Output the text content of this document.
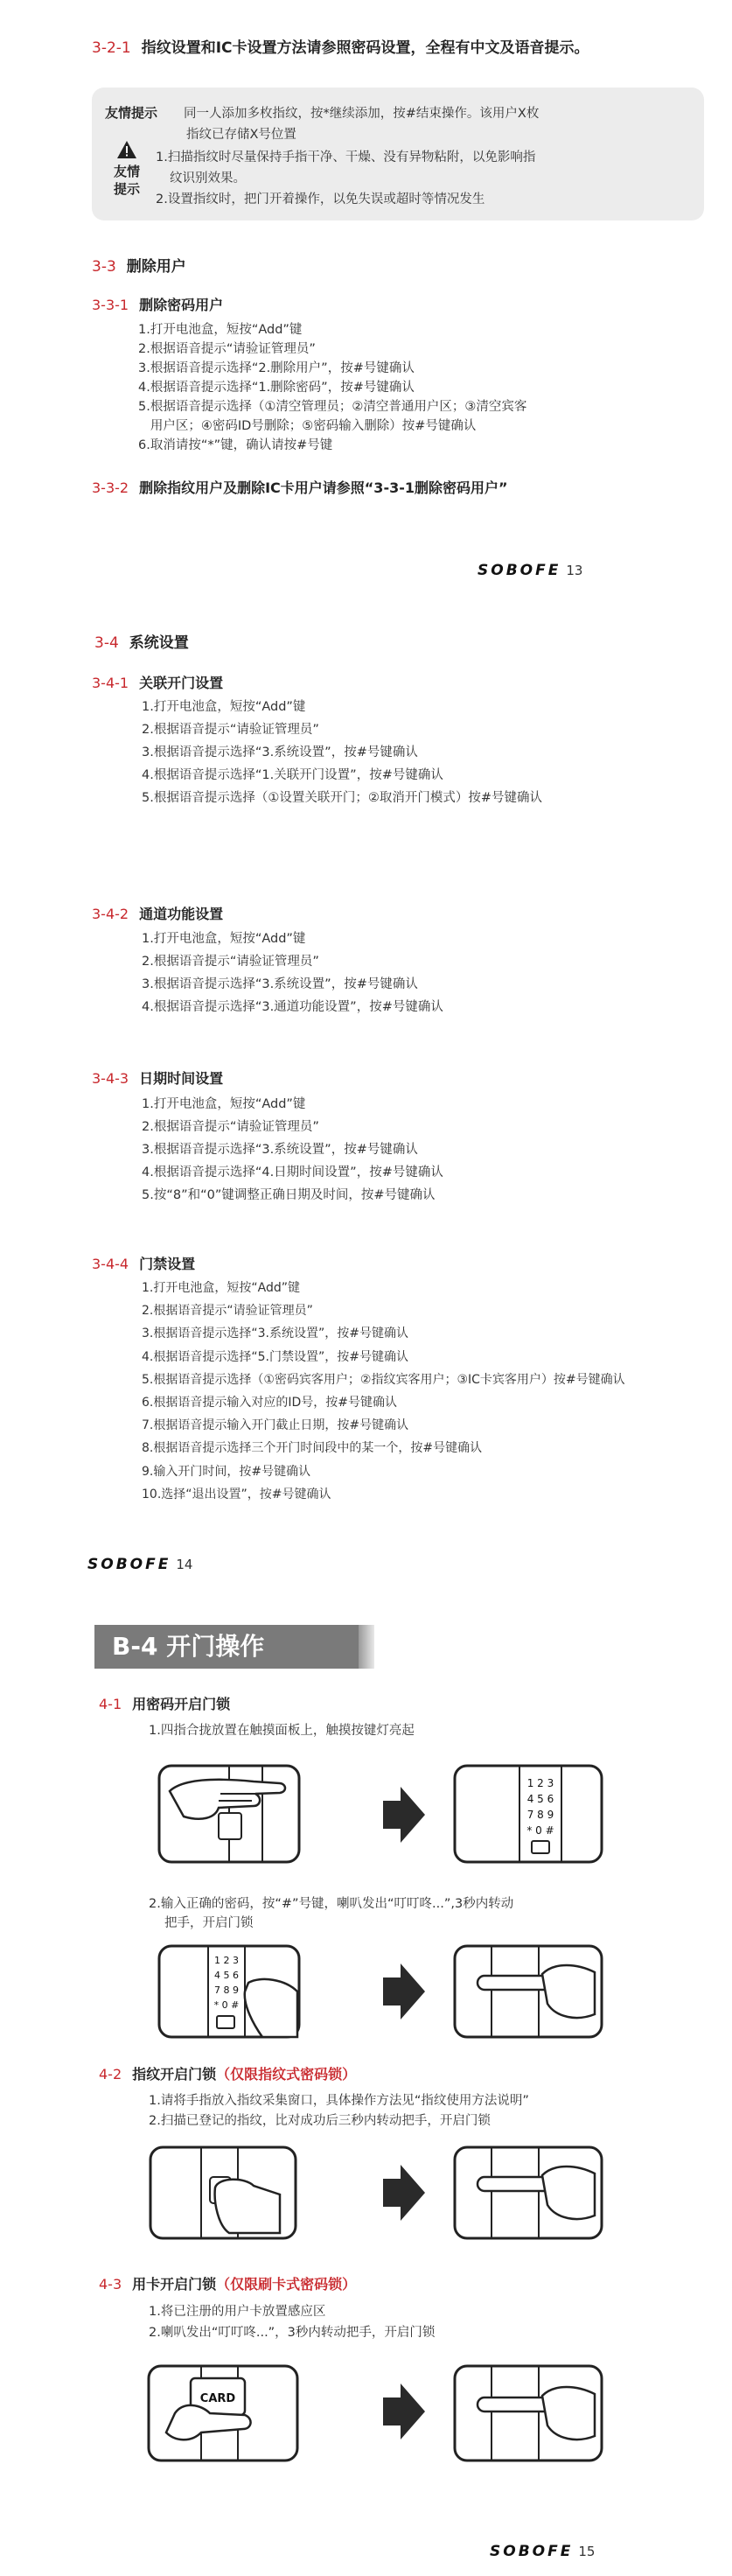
3-2-1 指纹设置和IC卡设置方法请参照密码设置，全程有中文及语音提示。
友情提示
友情
提示
同一人添加多枚指纹，按*继续添加，按#结束操作。该用户X枚
指纹已存储X号位置
1.扫描指纹时尽量保持手指干净、干燥、没有异物粘附，以免影响指
纹识别效果。
2.设置指纹时，把门开着操作，以免失误或超时等情况发生
3-3 删除用户
3-3-1 删除密码用户
1.打开电池盒，短按“Add”键
2.根据语音提示“请验证管理员”
3.根据语音提示选择“2.删除用户”，按#号键确认
4.根据语音提示选择“1.删除密码”，按#号键确认
5.根据语音提示选择（①清空管理员；②清空普通用户区；③清空宾客
用户区；④密码ID号删除；⑤密码输入删除）按#号键确认
6.取消请按“*”键，确认请按#号键
3-3-2 删除指纹用户及删除IC卡用户请参照“3-3-1删除密码用户”
SOBOFE 13
3-4 系统设置
3-4-1 关联开门设置
1.打开电池盒，短按“Add”键
2.根据语音提示“请验证管理员”
3.根据语音提示选择“3.系统设置”，按#号键确认
4.根据语音提示选择“1.关联开门设置”，按#号键确认
5.根据语音提示选择（①设置关联开门；②取消开门模式）按#号键确认
3-4-2 通道功能设置
1.打开电池盒，短按“Add”键
2.根据语音提示“请验证管理员”
3.根据语音提示选择“3.系统设置”，按#号键确认
4.根据语音提示选择“3.通道功能设置”，按#号键确认
3-4-3 日期时间设置
1.打开电池盒，短按“Add”键
2.根据语音提示“请验证管理员”
3.根据语音提示选择“3.系统设置”，按#号键确认
4.根据语音提示选择“4.日期时间设置”，按#号键确认
5.按“8”和“0”键调整正确日期及时间，按#号键确认
3-4-4 门禁设置
1.打开电池盒，短按“Add”键
2.根据语音提示“请验证管理员”
3.根据语音提示选择“3.系统设置”，按#号键确认
4.根据语音提示选择“5.门禁设置”，按#号键确认
5.根据语音提示选择（①密码宾客用户；②指纹宾客用户；③IC卡宾客用户）按#号键确认
6.根据语音提示输入对应的ID号，按#号键确认
7.根据语音提示输入开门截止日期，按#号键确认
8.根据语音提示选择三个开门时间段中的某一个，按#号键确认
9.输入开门时间，按#号键确认
10.选择“退出设置”，按#号键确认
SOBOFE 14
B-4 开门操作
4-1 用密码开启门锁
1.四指合拢放置在触摸面板上，触摸按键灯亮起
1 2 3
4 5 6
7 8 9
* 0 #
2.输入正确的密码，按“#”号键，喇叭发出“叮叮咚...”,3秒内转动
把手，开启门锁
1 2 3
4 5 6
7 8 9
* 0 #
4-2 指纹开启门锁（仅限指纹式密码锁）
1.请将手指放入指纹采集窗口，具体操作方法见“指纹使用方法说明”
2.扫描已登记的指纹，比对成功后三秒内转动把手，开启门锁
4-3 用卡开启门锁（仅限刷卡式密码锁）
1.将已注册的用户卡放置感应区
2.喇叭发出“叮叮咚...”，3秒内转动把手，开启门锁
CARD
SOBOFE 15
